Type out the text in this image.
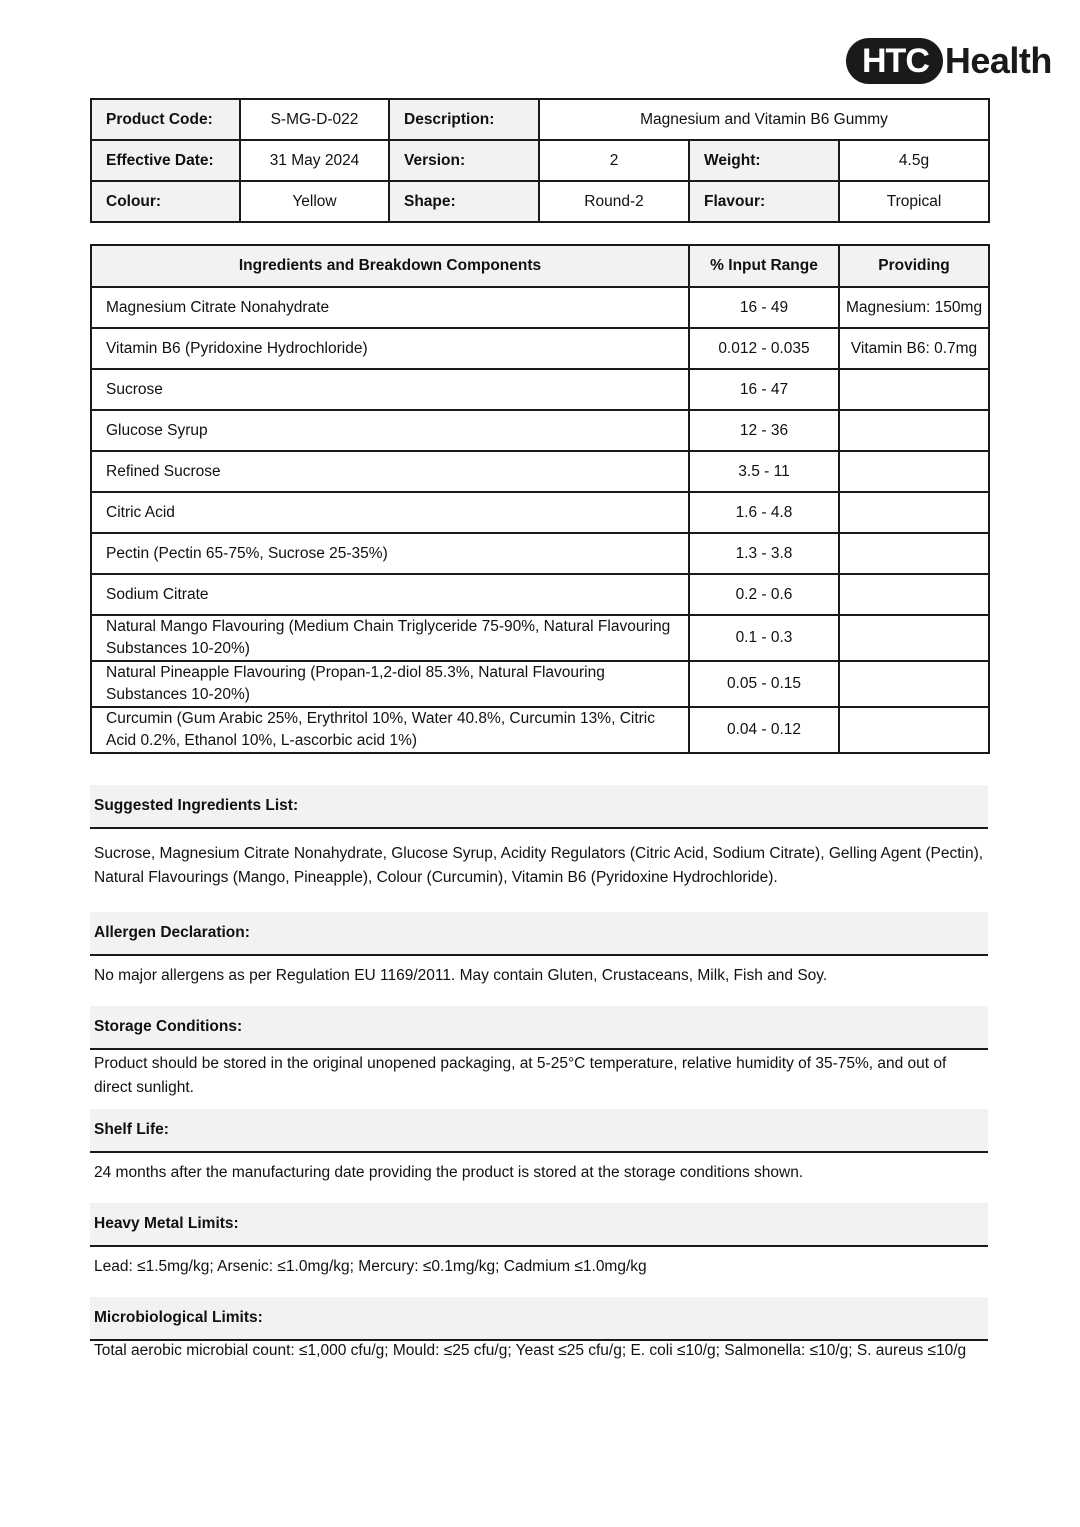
HTC Health
Product Code:	S-MG-D-022	Description:	Magnesium and Vitamin B6 Gummy		
Effective Date:	31 May 2024	Version:	2	Weight:	4.5g
Colour:	Yellow	Shape:	Round-2	Flavour:	Tropical
Ingredients and Breakdown Components	% Input Range	Providing
Magnesium Citrate Nonahydrate	16 - 49	Magnesium: 150mg
Vitamin B6 (Pyridoxine Hydrochloride)	0.012 - 0.035	Vitamin B6: 0.7mg
Sucrose	16 - 47	
Glucose Syrup	12 - 36	
Refined Sucrose	3.5 - 11	
Citric Acid	1.6 - 4.8	
Pectin (Pectin 65-75%, Sucrose 25-35%)	1.3 - 3.8	
Sodium Citrate	0.2 - 0.6	
Natural Mango Flavouring (Medium Chain Triglyceride 75-90%, Natural Flavouring Substances 10-20%)	0.1 - 0.3	
Natural Pineapple Flavouring (Propan-1,2-diol 85.3%, Natural Flavouring Substances 10-20%)	0.05 - 0.15	
Curcumin (Gum Arabic 25%, Erythritol 10%, Water 40.8%, Curcumin 13%, Citric Acid 0.2%, Ethanol 10%, L-ascorbic acid 1%)	0.04 - 0.12	
Suggested Ingredients List:
Sucrose, Magnesium Citrate Nonahydrate, Glucose Syrup, Acidity Regulators (Citric Acid, Sodium Citrate), Gelling Agent (Pectin), Natural Flavourings (Mango, Pineapple), Colour (Curcumin), Vitamin B6 (Pyridoxine Hydrochloride).
Allergen Declaration:
No major allergens as per Regulation EU 1169/2011. May contain Gluten, Crustaceans, Milk, Fish and Soy.
Storage Conditions:
Product should be stored in the original unopened packaging, at 5-25°C temperature, relative humidity of 35-75%, and out of direct sunlight.
Shelf Life:
24 months after the manufacturing date providing the product is stored at the storage conditions shown.
Heavy Metal Limits:
Lead: ≤1.5mg/kg; Arsenic: ≤1.0mg/kg; Mercury: ≤0.1mg/kg; Cadmium ≤1.0mg/kg
Microbiological Limits:
Total aerobic microbial count: ≤1,000 cfu/g; Mould: ≤25 cfu/g; Yeast ≤25 cfu/g; E. coli ≤10/g; Salmonella: ≤10/g; S. aureus ≤10/g
